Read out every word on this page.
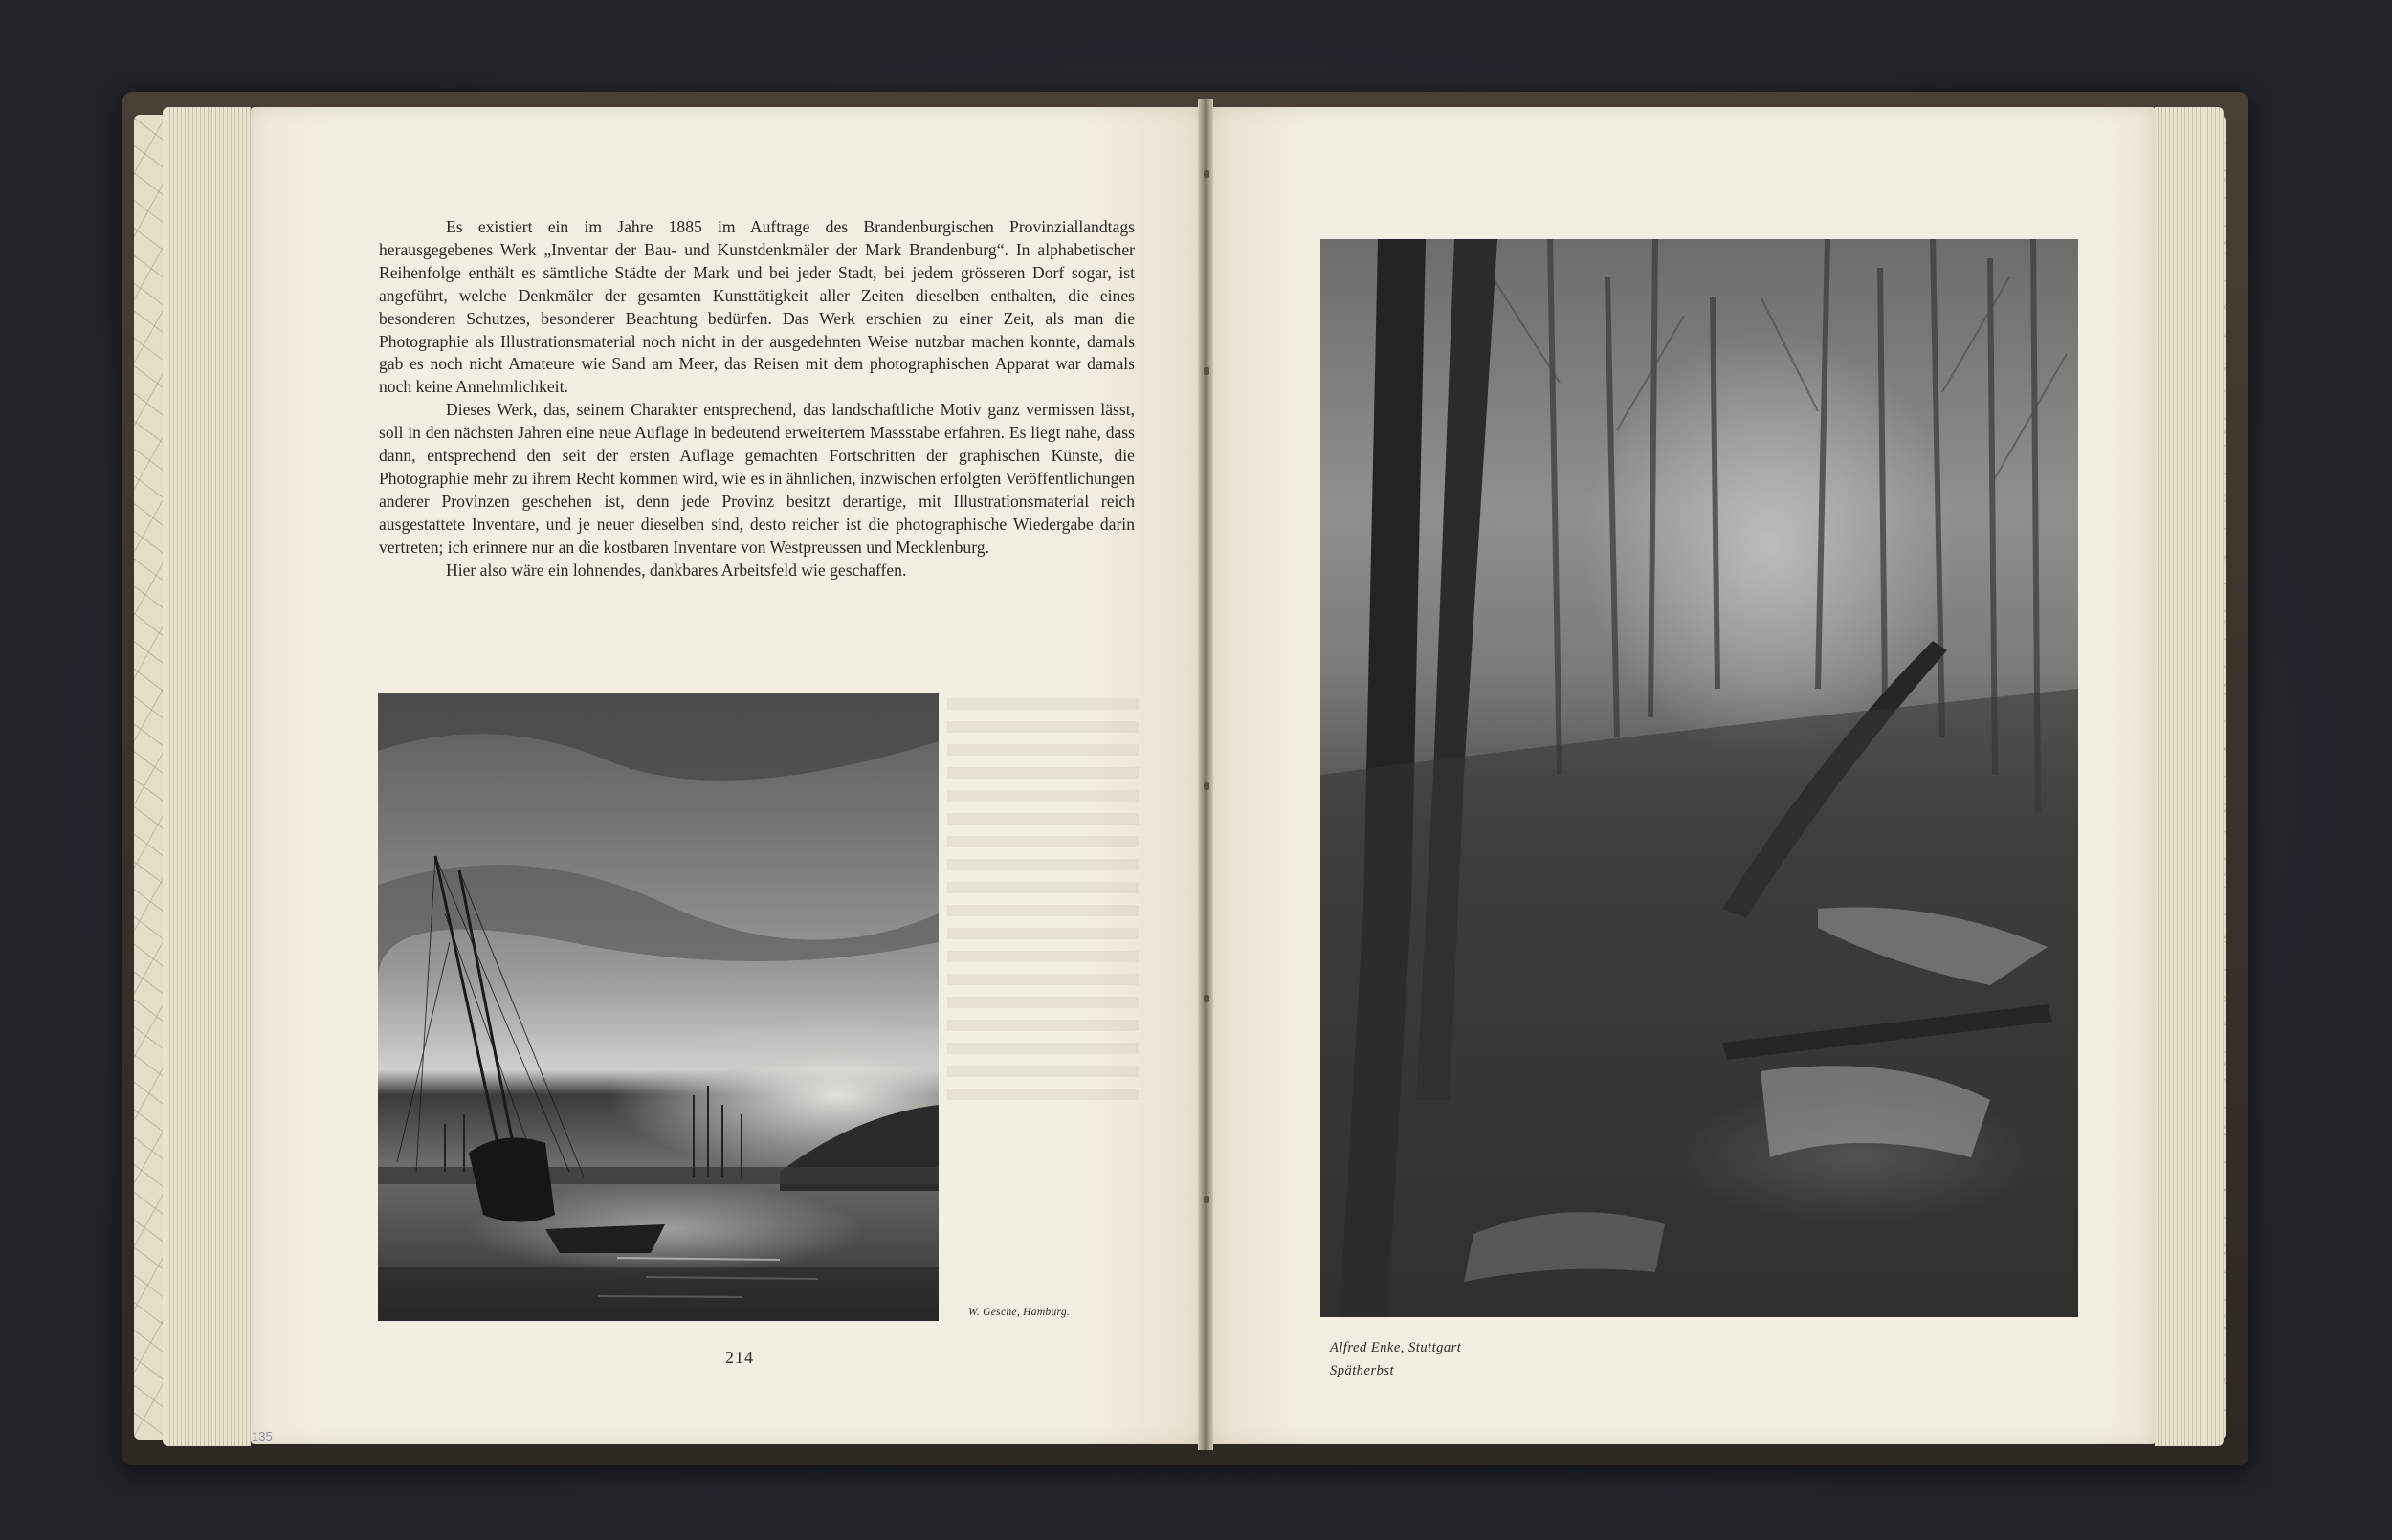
Es existiert ein im Jahre 1885 im Auftrage des Brandenburgischen Provinziallandtags herausgegebenes Werk „Inventar der Bau- und Kunstdenkmäler der Mark Brandenburg“. In alphabetischer Reihenfolge enthält es sämtliche Städte der Mark und bei jeder Stadt, bei jedem grösseren Dorf sogar, ist angeführt, welche Denkmäler der gesamten Kunsttätigkeit aller Zeiten dieselben enthalten, die eines besonderen Schutzes, besonderer Beachtung bedürfen. Das Werk erschien zu einer Zeit, als man die Photographie als Illustrationsmaterial noch nicht in der ausgedehnten Weise nutzbar machen konnte, damals gab es noch nicht Amateure wie Sand am Meer, das Reisen mit dem photographischen Apparat war damals noch keine Annehmlichkeit.

Dieses Werk, das, seinem Charakter entsprechend, das landschaftliche Motiv ganz vermissen lässt, soll in den nächsten Jahren eine neue Auflage in bedeutend erweitertem Massstabe erfahren. Es liegt nahe, dass dann, entsprechend den seit der ersten Auflage gemachten Fortschritten der graphischen Künste, die Photographie mehr zu ihrem Recht kommen wird, wie es in ähnlichen, inzwischen erfolgten Veröffentlichungen anderer Provinzen geschehen ist, denn jede Provinz besitzt derartige, mit Illustrationsmaterial reich ausgestattete Inventare, und je neuer dieselben sind, desto reicher ist die photographische Wiedergabe darin vertreten; ich erinnere nur an die kostbaren Inventare von Westpreussen und Mecklenburg.

Hier also wäre ein lohnendes, dankbares Arbeitsfeld wie geschaffen.

W. Gesche, Hamburg.
214
135
Alfred Enke, Stuttgart
Spätherbst
